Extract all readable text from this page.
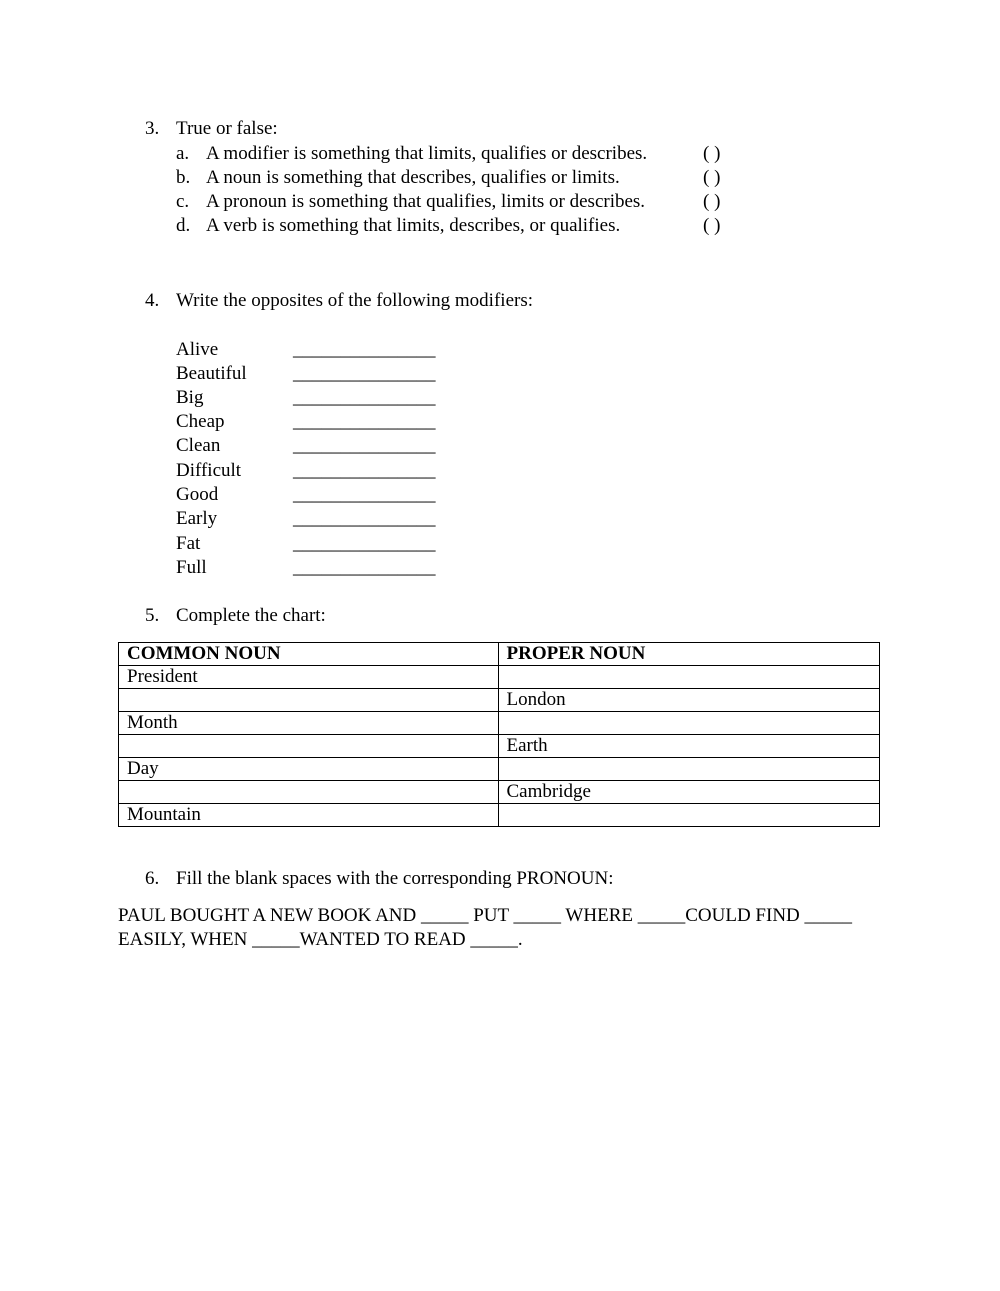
3. True or false:
a. A modifier is something that limits, qualifies or describes.	( )
b. A noun is something that describes, qualifies or limits.	( )
c. A pronoun is something that qualifies, limits or describes.	( )
d. A verb is something that limits, describes, or qualifies.	( )
4. Write the opposites of the following modifiers:
Alive	_______________
Beautiful _______________
Big	_______________
Cheap	_______________
Clean	_______________
Difficult	_______________
Good	_______________
Early	_______________
Fat	_______________
Full	_______________
5. Complete the chart:
COMMON NOUN	PROPER NOUN
President	
	London
Month	
	Earth
Day	
	Cambridge
Mountain	
6. Fill the blank spaces with the corresponding PRONOUN:
PAUL BOUGHT A NEW BOOK AND _____ PUT _____ WHERE _____COULD FIND _____
EASILY, WHEN _____WANTED TO READ _____.
